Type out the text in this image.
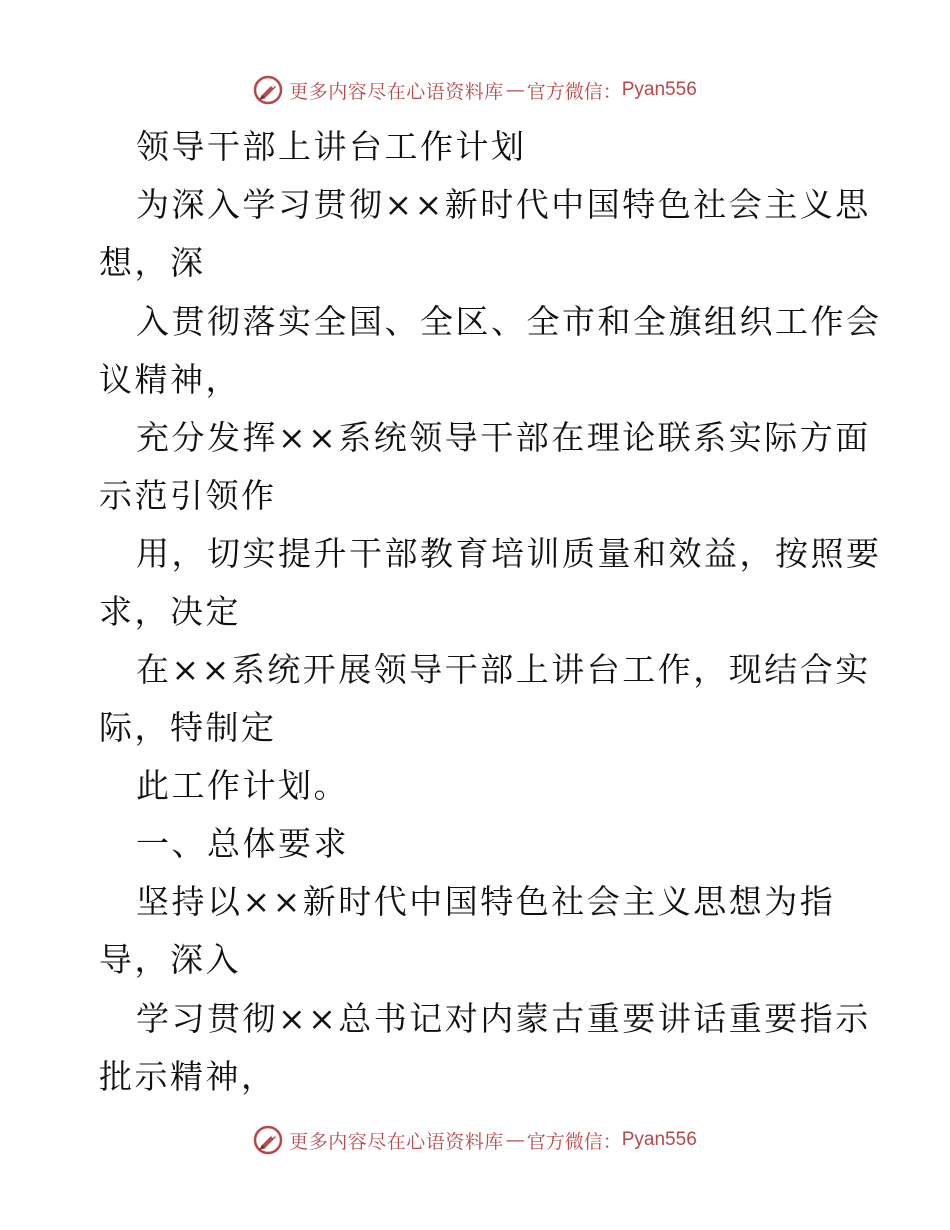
更多内容尽在心语资料库 — 官方微信： Pyan556
领导干部上讲台工作计划
为深入学习贯彻××新时代中国特色社会主义思
想，深
入贯彻落实全国、全区、全市和全旗组织工作会
议精神，
充分发挥××系统领导干部在理论联系实际方面
示范引领作
用，切实提升干部教育培训质量和效益，按照要
求，决定
在××系统开展领导干部上讲台工作，现结合实
际，特制定
此工作计划。
一、总体要求
坚持以××新时代中国特色社会主义思想为指
导，深入
学习贯彻××总书记对内蒙古重要讲话重要指示
批示精神，
更多内容尽在心语资料库 — 官方微信： Pyan556
